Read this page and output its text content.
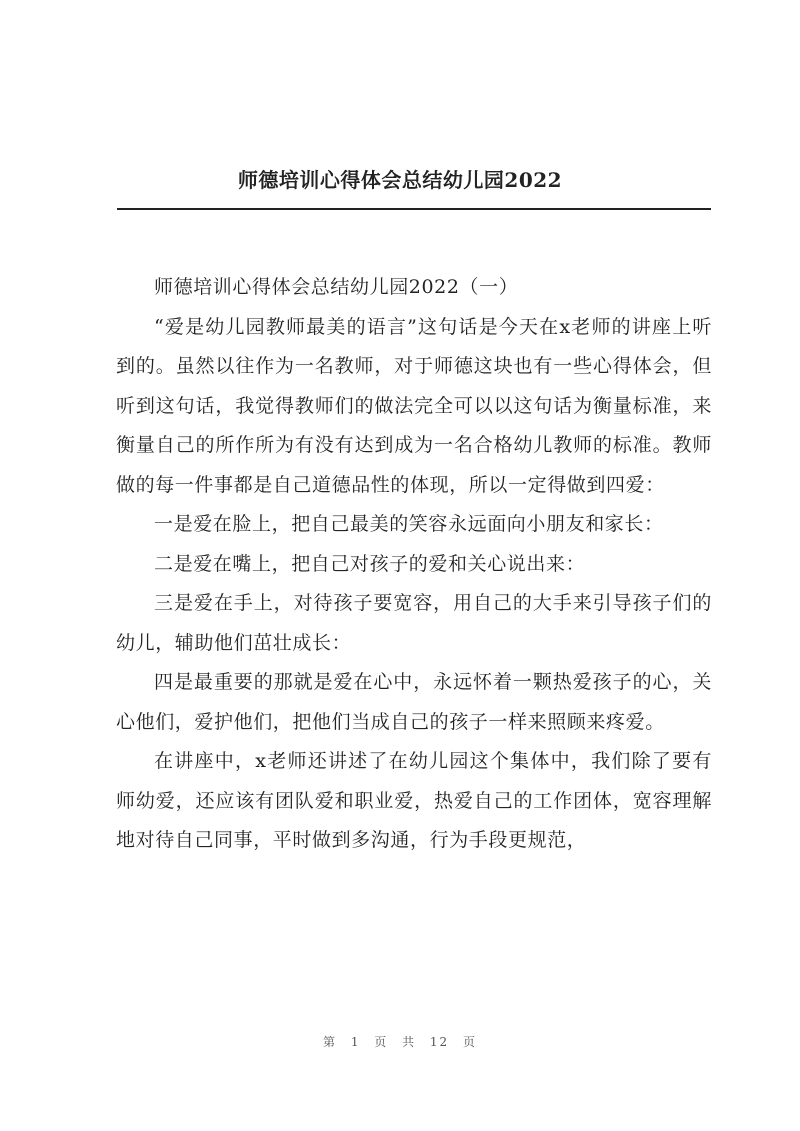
师德培训心得体会总结幼儿园2022

师德培训心得体会总结幼儿园2022（一）

“爱是幼儿园教师最美的语言”这句话是今天在x老师的讲座上听到的。虽然以往作为一名教师，对于师德这块也有一些心得体会，但听到这句话，我觉得教师们的做法完全可以以这句话为衡量标准，来衡量自己的所作所为有没有达到成为一名合格幼儿教师的标准。教师做的每一件事都是自己道德品性的体现，所以一定得做到四爱：

一是爱在脸上，把自己最美的笑容永远面向小朋友和家长：

二是爱在嘴上，把自己对孩子的爱和关心说出来：

三是爱在手上，对待孩子要宽容，用自己的大手来引导孩子们的幼儿，辅助他们茁壮成长：

四是最重要的那就是爱在心中，永远怀着一颗热爱孩子的心，关心他们，爱护他们，把他们当成自己的孩子一样来照顾来疼爱。

在讲座中，x老师还讲述了在幼儿园这个集体中，我们除了要有师幼爱，还应该有团队爱和职业爱，热爱自己的工作团体，宽容理解地对待自己同事，平时做到多沟通，行为手段更规范，

第 1 页 共 12 页
